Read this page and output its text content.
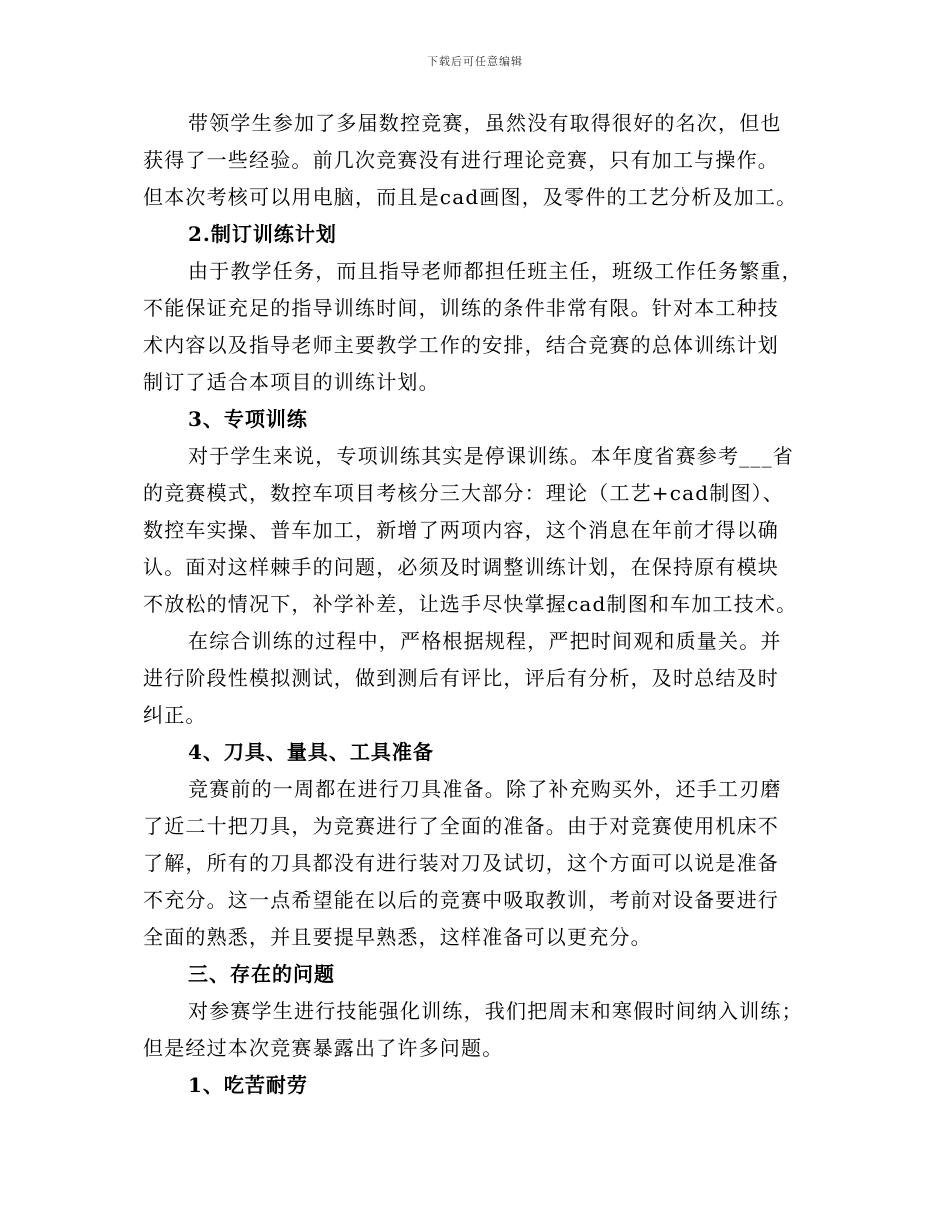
下载后可任意编辑
带领学生参加了多届数控竞赛，虽然没有取得很好的名次，但也
获得了一些经验。前几次竞赛没有进行理论竞赛，只有加工与操作。
但本次考核可以用电脑，而且是cad画图，及零件的工艺分析及加工。
2.制订训练计划
由于教学任务，而且指导老师都担任班主任，班级工作任务繁重，
不能保证充足的指导训练时间，训练的条件非常有限。针对本工种技
术内容以及指导老师主要教学工作的安排，结合竞赛的总体训练计划
制订了适合本项目的训练计划。
3、专项训练
对于学生来说，专项训练其实是停课训练。本年度省赛参考___省
的竞赛模式，数控车项目考核分三大部分：理论（工艺+cad制图）、
数控车实操、普车加工，新增了两项内容，这个消息在年前才得以确
认。面对这样棘手的问题，必须及时调整训练计划，在保持原有模块
不放松的情况下，补学补差，让选手尽快掌握cad制图和车加工技术。
在综合训练的过程中，严格根据规程，严把时间观和质量关。并
进行阶段性模拟测试，做到测后有评比，评后有分析，及时总结及时
纠正。
4、刀具、量具、工具准备
竞赛前的一周都在进行刀具准备。除了补充购买外，还手工刃磨
了近二十把刀具，为竞赛进行了全面的准备。由于对竞赛使用机床不
了解，所有的刀具都没有进行装对刀及试切，这个方面可以说是准备
不充分。这一点希望能在以后的竞赛中吸取教训，考前对设备要进行
全面的熟悉，并且要提早熟悉，这样准备可以更充分。
三、存在的问题
对参赛学生进行技能强化训练，我们把周末和寒假时间纳入训练；
但是经过本次竞赛暴露出了许多问题。
1、吃苦耐劳
